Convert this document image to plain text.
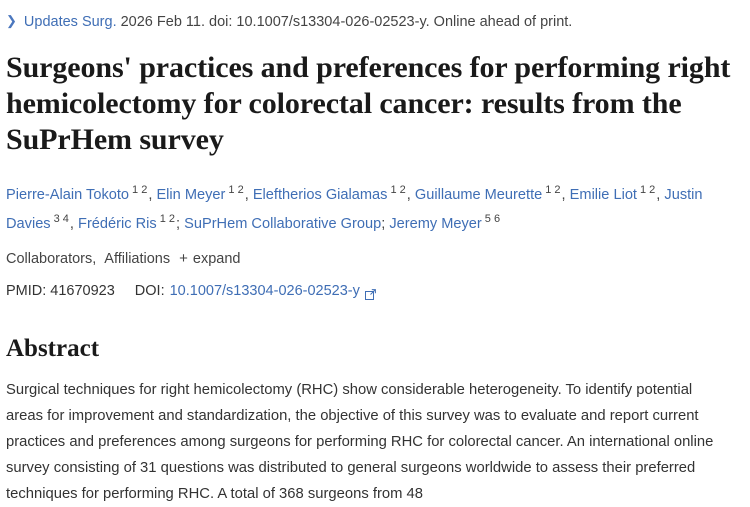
❯ Updates Surg. 2026 Feb 11. doi: 10.1007/s13304-026-02523-y. Online ahead of print.
Surgeons' practices and preferences for performing right hemicolectomy for colorectal cancer: results from the SuPrHem survey
Pierre-Alain Tokoto $^{1 2}$, Elin Meyer $^{1 2}$, Eleftherios Gialamas $^{1 2}$, Guillaume Meurette $^{1 2}$, Emilie Liot $^{1 2}$, Justin Davies $^{3 4}$, Frédéric Ris $^{1 2}$; SuPrHem Collaborative Group; Jeremy Meyer $^{5 6}$
Collaborators , Affiliations + expand
PMID: 41670923 DOI: 10.1007/s13304-026-02523-y
Abstract

Surgical techniques for right hemicolectomy (RHC) show considerable heterogeneity. To identify potential areas for improvement and standardization, the objective of this survey was to evaluate and report current practices and preferences among surgeons for performing RHC for colorectal cancer. An international online survey consisting of 31 questions was distributed to general surgeons worldwide to assess their preferred techniques for performing RHC. A total of 368 surgeons from 48
